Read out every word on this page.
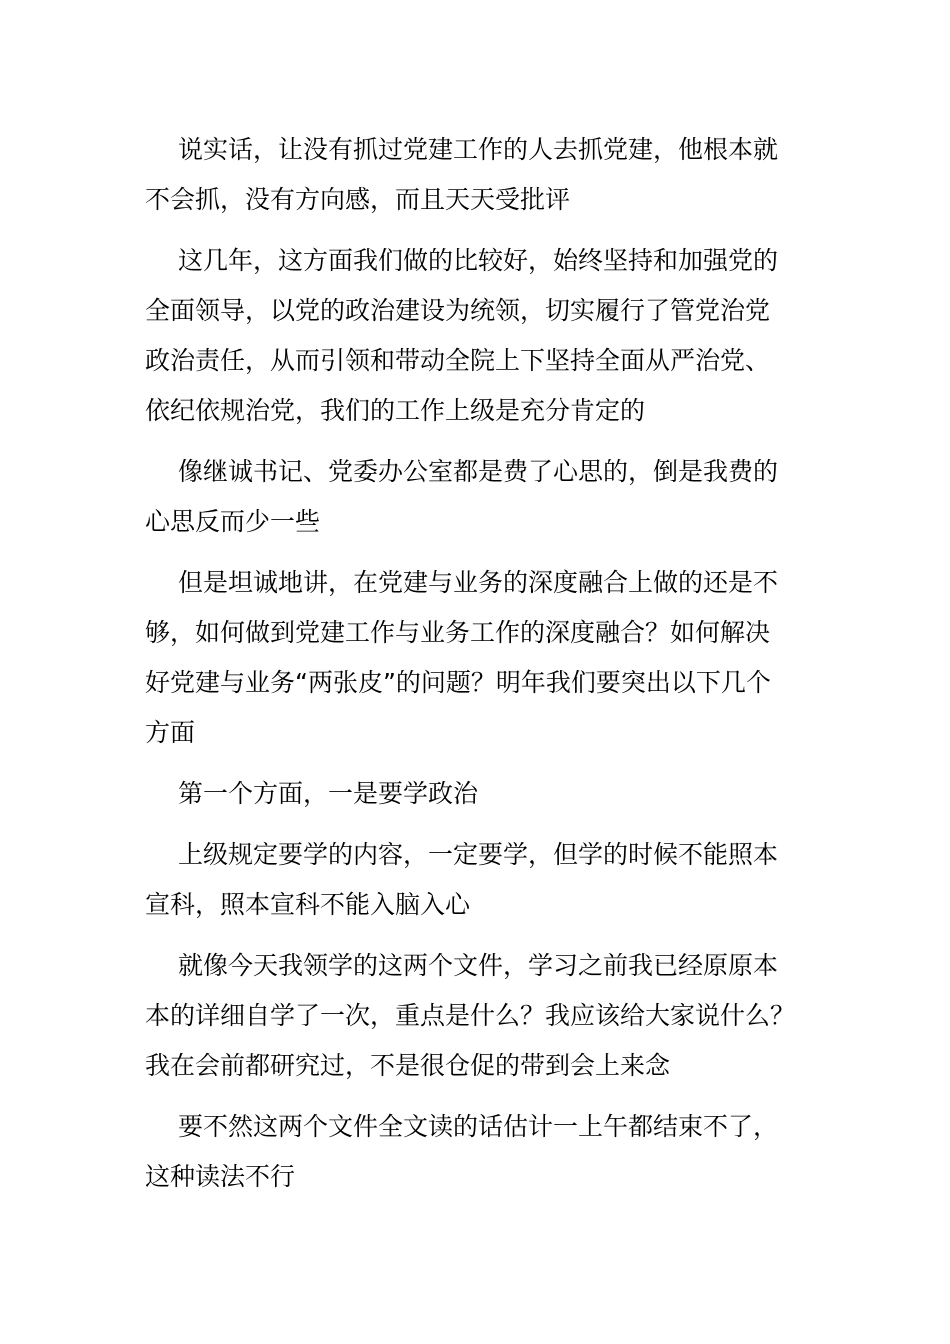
说实话，让没有抓过党建工作的人去抓党建，他根本就
不会抓，没有方向感，而且天天受批评

这几年，这方面我们做的比较好，始终坚持和加强党的
全面领导，以党的政治建设为统领，切实履行了管党治党
政治责任，从而引领和带动全院上下坚持全面从严治党、
依纪依规治党，我们的工作上级是充分肯定的

像继诚书记、党委办公室都是费了心思的，倒是我费的
心思反而少一些

但是坦诚地讲，在党建与业务的深度融合上做的还是不
够，如何做到党建工作与业务工作的深度融合？如何解决
好党建与业务“两张皮”的问题？明年我们要突出以下几个
方面

第一个方面，一是要学政治

上级规定要学的内容，一定要学，但学的时候不能照本
宣科，照本宣科不能入脑入心

就像今天我领学的这两个文件，学习之前我已经原原本
本的详细自学了一次，重点是什么？我应该给大家说什么？
我在会前都研究过，不是很仓促的带到会上来念

要不然这两个文件全文读的话估计一上午都结束不了，
这种读法不行
